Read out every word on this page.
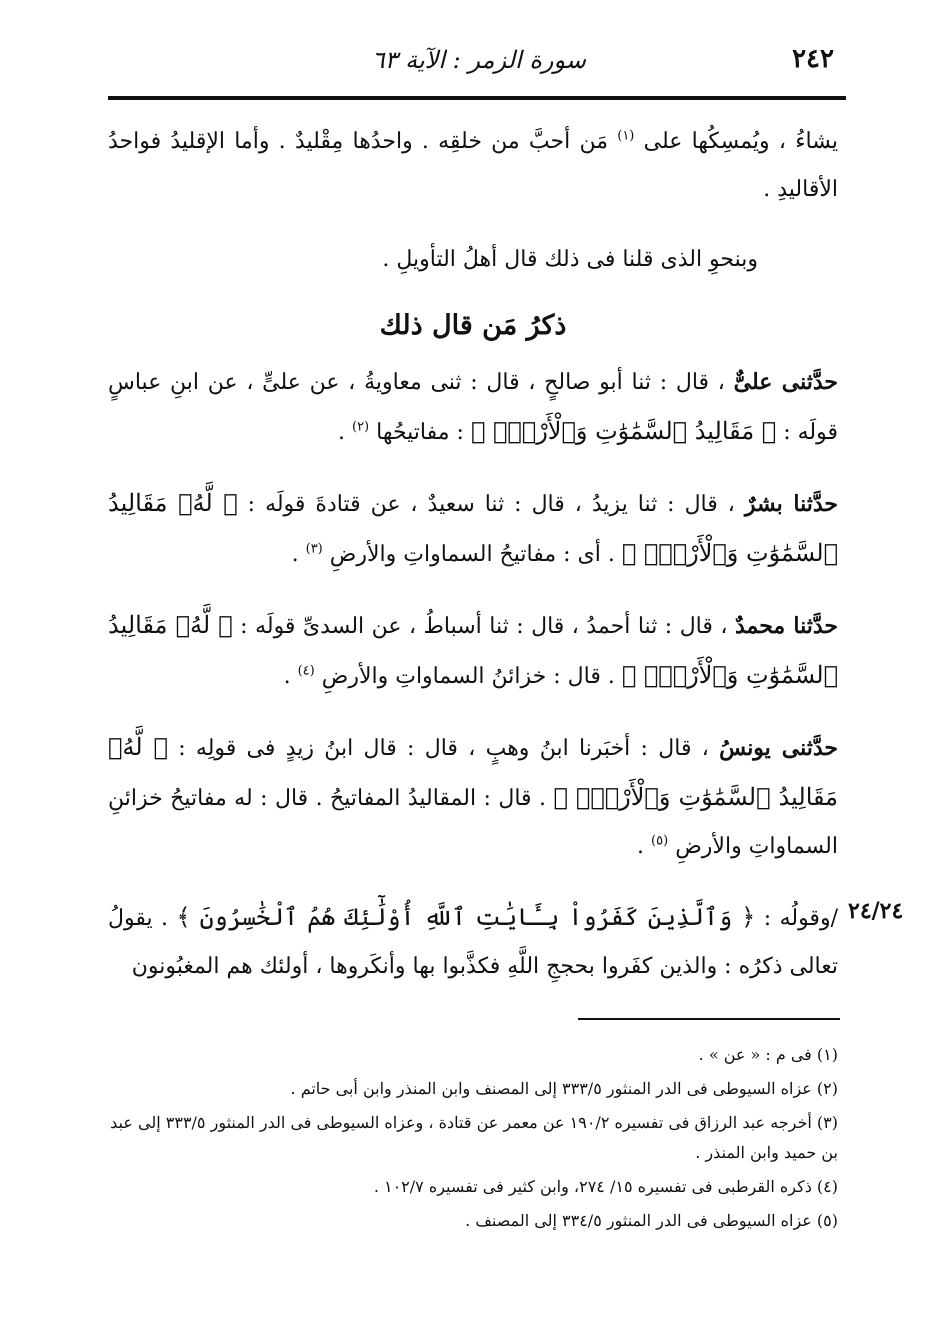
٢٤٢
سورة الزمر : الآية ٦٣

يشاءُ ، ويُمسِكُها على $^{(١)}$ مَن أحبَّ من خلقِه . واحدُها مِقْليدٌ . وأما الإقليدُ فواحدُ الأقاليدِ .

وبنحوِ الذى قلنا فى ذلك قال أهلُ التأويلِ .

ذكرُ مَن قال ذلك

حدَّثنى علىٌّ ، قال : ثنا أبو صالحٍ ، قال : ثنى معاويةُ ، عن علىٍّ ، عن ابنِ عباسٍ قولَه : ﴿ مَقَالِيدُ ٱلسَّمَٰوَٰتِ وَٱلْأَرْضِۗ ﴾ : مفاتيحُها $^{(٢)}$ .

حدَّثنا بشرٌ ، قال : ثنا يزيدُ ، قال : ثنا سعيدٌ ، عن قتادةَ قولَه : ﴿ لَّهُۥ مَقَالِيدُ ٱلسَّمَٰوَٰتِ وَٱلْأَرْضِۗ ﴾ . أى : مفاتيحُ السماواتِ والأرضِ $^{(٣)}$ .

حدَّثنا محمدٌ ، قال : ثنا أحمدُ ، قال : ثنا أسباطُ ، عن السدىِّ قولَه : ﴿ لَّهُۥ مَقَالِيدُ ٱلسَّمَٰوَٰتِ وَٱلْأَرْضِۗ ﴾ . قال : خزائنُ السماواتِ والأرضِ $^{(٤)}$ .

حدَّثنى يونسُ ، قال : أخبَرنا ابنُ وهبٍ ، قال : قال ابنُ زيدٍ فى قولِه : ﴿ لَّهُۥ مَقَالِيدُ ٱلسَّمَٰوَٰتِ وَٱلْأَرْضِۗ ﴾ . قال : المقاليدُ المفاتيحُ . قال : له مفاتيحُ خزائنِ السماواتِ والأرضِ $^{(٥)}$ .

/وقولُه : ﴿ وَٱلَّذِينَ كَفَرُواْ بِـَٔايَٰتِ ٱللَّهِ أُوْلَٰٓئِكَ هُمُ ٱلْخَٰسِرُونَ ﴾ . يقولُ تعالى ذكرُه : والذين كفَروا بحججِ اللَّهِ فكذَّبوا بها وأنكَروها ، أولئك هم المغبُونون

٢٤/٢٤

(١) فى م : « عن » .

(٢) عزاه السيوطى فى الدر المنثور ٣٣٣/٥ إلى المصنف وابن المنذر وابن أبى حاتم .

(٣) أخرجه عبد الرزاق فى تفسيره ١٩٠/٢ عن معمر عن قتادة ، وعزاه السيوطى فى الدر المنثور ٣٣٣/٥ إلى عبد بن حميد وابن المنذر .

(٤) ذكره القرطبى فى تفسيره ١٥/ ٢٧٤، وابن كثير فى تفسيره ١٠٢/٧ .

(٥) عزاه السيوطى فى الدر المنثور ٣٣٤/٥ إلى المصنف .
